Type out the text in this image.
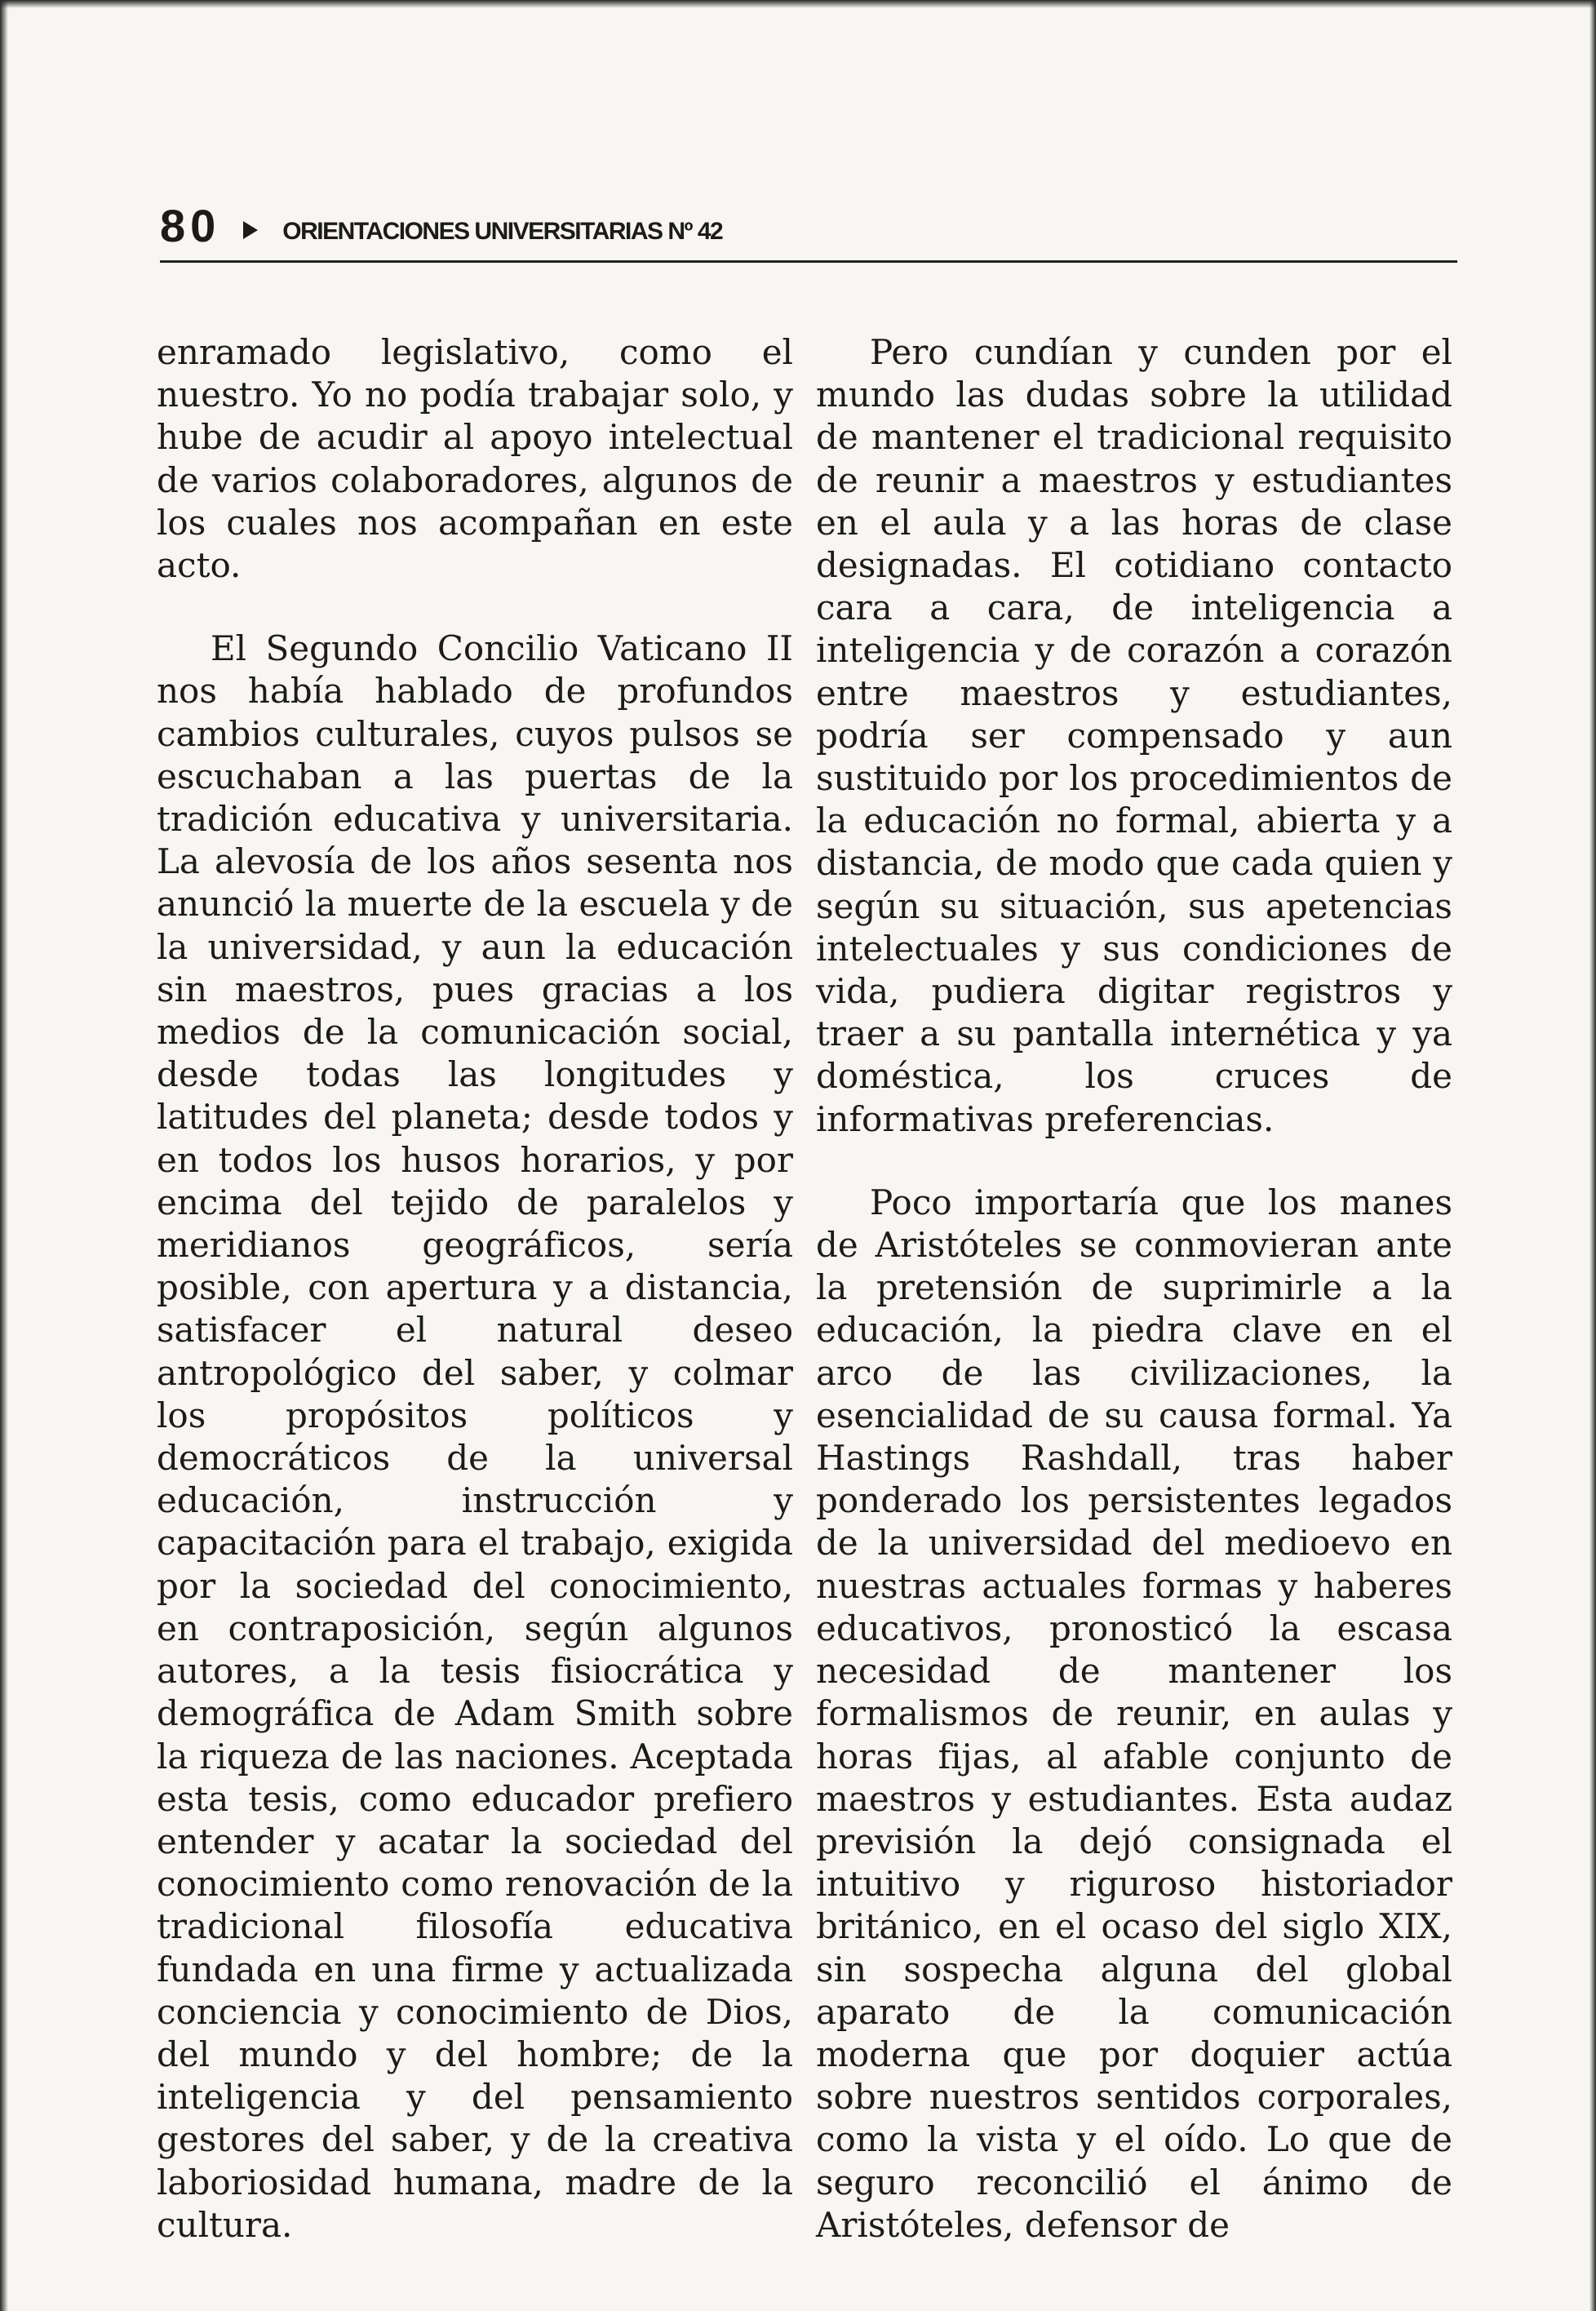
80	ORIENTACIONES UNIVERSITARIAS Nº 42

enramado legislativo, como el nuestro. Yo no podía trabajar solo, y hube de acudir al apoyo intelectual de varios colaboradores, algunos de los cuales nos acompañan en este acto.

El Segundo Concilio Vaticano II nos había hablado de profundos cambios culturales, cuyos pulsos se escuchaban a las puertas de la tradición educativa y universitaria. La alevosía de los años sesenta nos anunció la muerte de la escuela y de la universidad, y aun la educación sin maestros, pues gracias a los medios de la comunicación social, desde todas las longitudes y latitudes del planeta; desde todos y en todos los husos horarios, y por encima del tejido de paralelos y meridianos geográficos, sería posible, con apertura y a distancia, satisfacer el natural deseo antropológico del saber, y colmar los propósitos políticos y democráticos de la universal educación, instrucción y capacitación para el trabajo, exigida por la sociedad del conocimiento, en contraposición, según algunos autores, a la tesis fisiocrática y demográfica de Adam Smith sobre la riqueza de las naciones. Aceptada esta tesis, como educador prefiero entender y acatar la sociedad del conocimiento como renovación de la tradicional filosofía educativa fundada en una firme y actualizada conciencia y conocimiento de Dios, del mundo y del hombre; de la inteligencia y del pensamiento gestores del saber, y de la creativa laboriosidad humana, madre de la cultura.

Pero cundían y cunden por el mundo las dudas sobre la utilidad de mantener el tradicional requisito de reunir a maestros y estudiantes en el aula y a las horas de clase designadas. El cotidiano contacto cara a cara, de inteligencia a inteligencia y de corazón a corazón entre maestros y estudiantes, podría ser compensado y aun sustituido por los procedimientos de la educación no formal, abierta y a distancia, de modo que cada quien y según su situación, sus apetencias intelectuales y sus condiciones de vida, pudiera digitar registros y traer a su pantalla internética y ya doméstica, los cruces de informativas preferencias.

Poco importaría que los manes de Aristóteles se conmovieran ante la pretensión de suprimirle a la educación, la piedra clave en el arco de las civilizaciones, la esencialidad de su causa formal. Ya Hastings Rashdall, tras haber ponderado los persistentes legados de la universidad del medioevo en nuestras actuales formas y haberes educativos, pronosticó la escasa necesidad de mantener los formalismos de reunir, en aulas y horas fijas, al afable conjunto de maestros y estudiantes. Esta audaz previsión la dejó consignada el intuitivo y riguroso historiador británico, en el ocaso del siglo XIX, sin sospecha alguna del global aparato de la comunicación moderna que por doquier actúa sobre nuestros sentidos corporales, como la vista y el oído. Lo que de seguro reconcilió el ánimo de Aristóteles, defensor de
